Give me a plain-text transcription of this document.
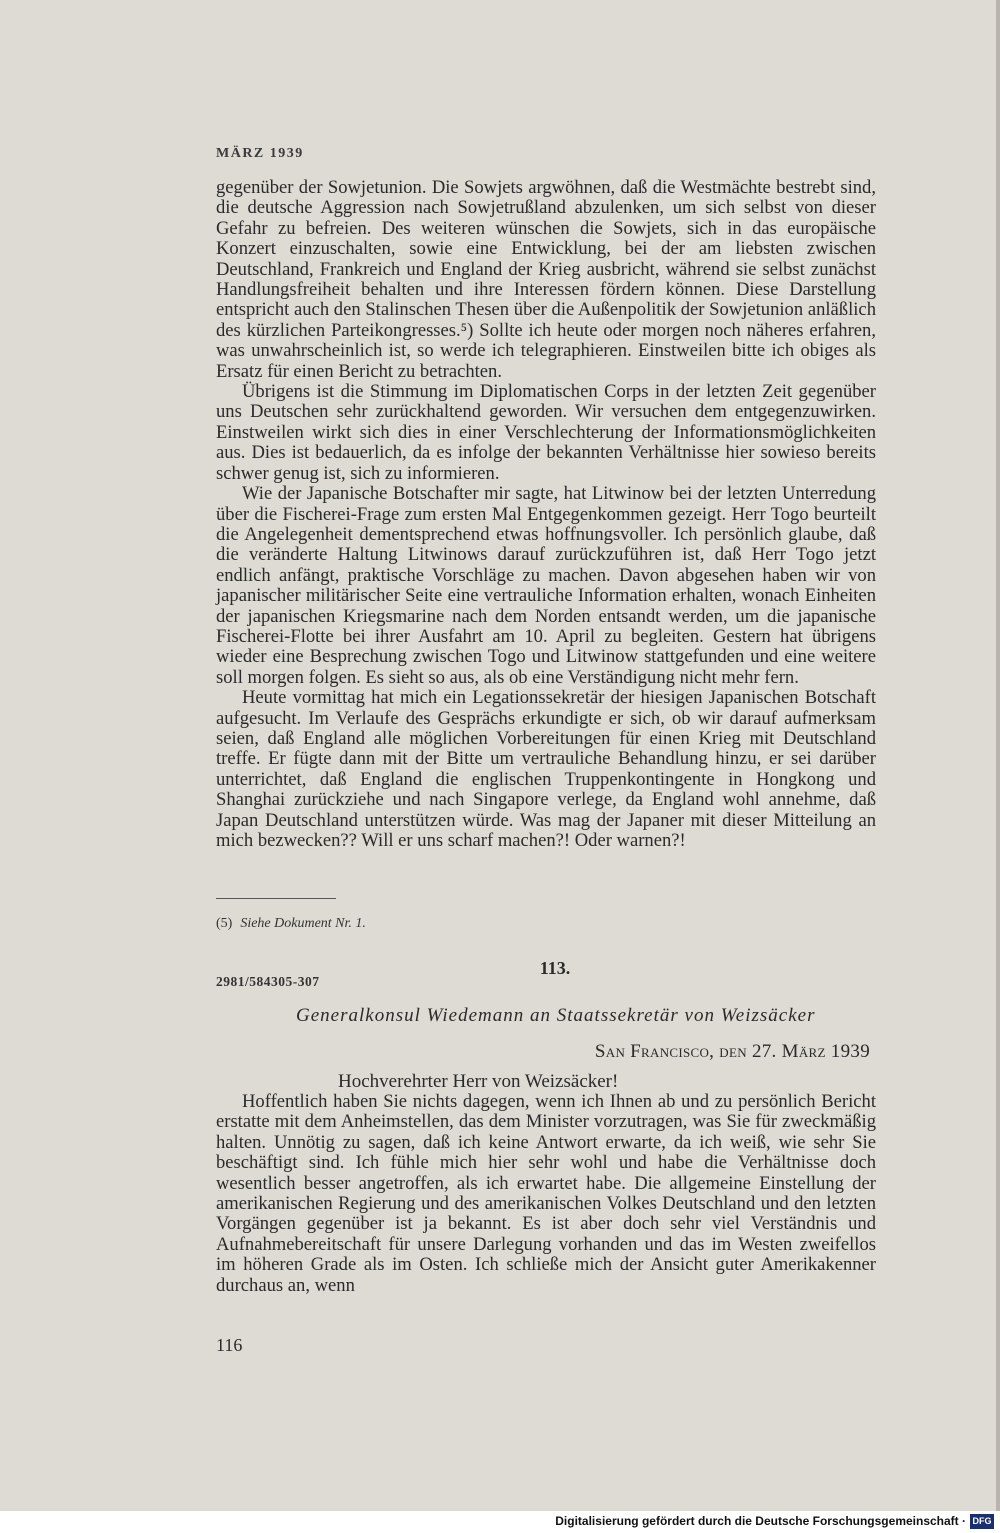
MÄRZ 1939

gegenüber der Sowjetunion. Die Sowjets argwöhnen, daß die Westmächte bestrebt sind, die deutsche Aggression nach Sowjetrußland abzulenken, um sich selbst von dieser Gefahr zu befreien. Des weiteren wünschen die Sowjets, sich in das europäische Konzert einzuschalten, sowie eine Entwicklung, bei der am liebsten zwischen Deutschland, Frankreich und England der Krieg ausbricht, während sie selbst zunächst Handlungsfreiheit behalten und ihre Interessen fördern können. Diese Darstellung entspricht auch den Stalinschen Thesen über die Außenpolitik der Sowjetunion anläßlich des kürzlichen Parteikongresses.⁵) Sollte ich heute oder morgen noch näheres erfahren, was unwahrscheinlich ist, so werde ich telegraphieren. Einstweilen bitte ich obiges als Ersatz für einen Bericht zu betrachten.

Übrigens ist die Stimmung im Diplomatischen Corps in der letzten Zeit gegenüber uns Deutschen sehr zurückhaltend geworden. Wir versuchen dem entgegenzuwirken. Einstweilen wirkt sich dies in einer Verschlechterung der Informationsmöglichkeiten aus. Dies ist bedauerlich, da es infolge der bekannten Verhältnisse hier sowieso bereits schwer genug ist, sich zu informieren.

Wie der Japanische Botschafter mir sagte, hat Litwinow bei der letzten Unterredung über die Fischerei-Frage zum ersten Mal Entgegenkommen gezeigt. Herr Togo beurteilt die Angelegenheit dementsprechend etwas hoffnungsvoller. Ich persönlich glaube, daß die veränderte Haltung Litwinows darauf zurückzuführen ist, daß Herr Togo jetzt endlich anfängt, praktische Vorschläge zu machen. Davon abgesehen haben wir von japanischer militärischer Seite eine vertrauliche Information erhalten, wonach Einheiten der japanischen Kriegsmarine nach dem Norden entsandt werden, um die japanische Fischerei-Flotte bei ihrer Ausfahrt am 10. April zu begleiten. Gestern hat übrigens wieder eine Besprechung zwischen Togo und Litwinow stattgefunden und eine weitere soll morgen folgen. Es sieht so aus, als ob eine Verständigung nicht mehr fern.

Heute vormittag hat mich ein Legationssekretär der hiesigen Japanischen Botschaft aufgesucht. Im Verlaufe des Gesprächs erkundigte er sich, ob wir darauf aufmerksam seien, daß England alle möglichen Vorbereitungen für einen Krieg mit Deutschland treffe. Er fügte dann mit der Bitte um vertrauliche Behandlung hinzu, er sei darüber unterrichtet, daß England die englischen Truppenkontingente in Hongkong und Shanghai zurückziehe und nach Singapore verlege, da England wohl annehme, daß Japan Deutschland unterstützen würde. Was mag der Japaner mit dieser Mitteilung an mich bezwecken?? Will er uns scharf machen?! Oder warnen?!

(5) Siehe Dokument Nr. 1.
113.
2981/584305-307
Generalkonsul Wiedemann an Staatssekretär von Weizsäcker
San Francisco, den 27. März 1939
Hochverehrter Herr von Weizsäcker!

Hoffentlich haben Sie nichts dagegen, wenn ich Ihnen ab und zu persönlich Bericht erstatte mit dem Anheimstellen, das dem Minister vorzutragen, was Sie für zweckmäßig halten. Unnötig zu sagen, daß ich keine Antwort erwarte, da ich weiß, wie sehr Sie beschäftigt sind. Ich fühle mich hier sehr wohl und habe die Verhältnisse doch wesentlich besser angetroffen, als ich erwartet habe. Die allgemeine Einstellung der amerikanischen Regierung und des amerikanischen Volkes Deutschland und den letzten Vorgängen gegenüber ist ja bekannt. Es ist aber doch sehr viel Verständnis und Aufnahmebereitschaft für unsere Darlegung vorhanden und das im Westen zweifellos im höheren Grade als im Osten. Ich schließe mich der Ansicht guter Amerikakenner durchaus an, wenn

116
Digitalisierung gefördert durch die Deutsche Forschungsgemeinschaft · DFG
